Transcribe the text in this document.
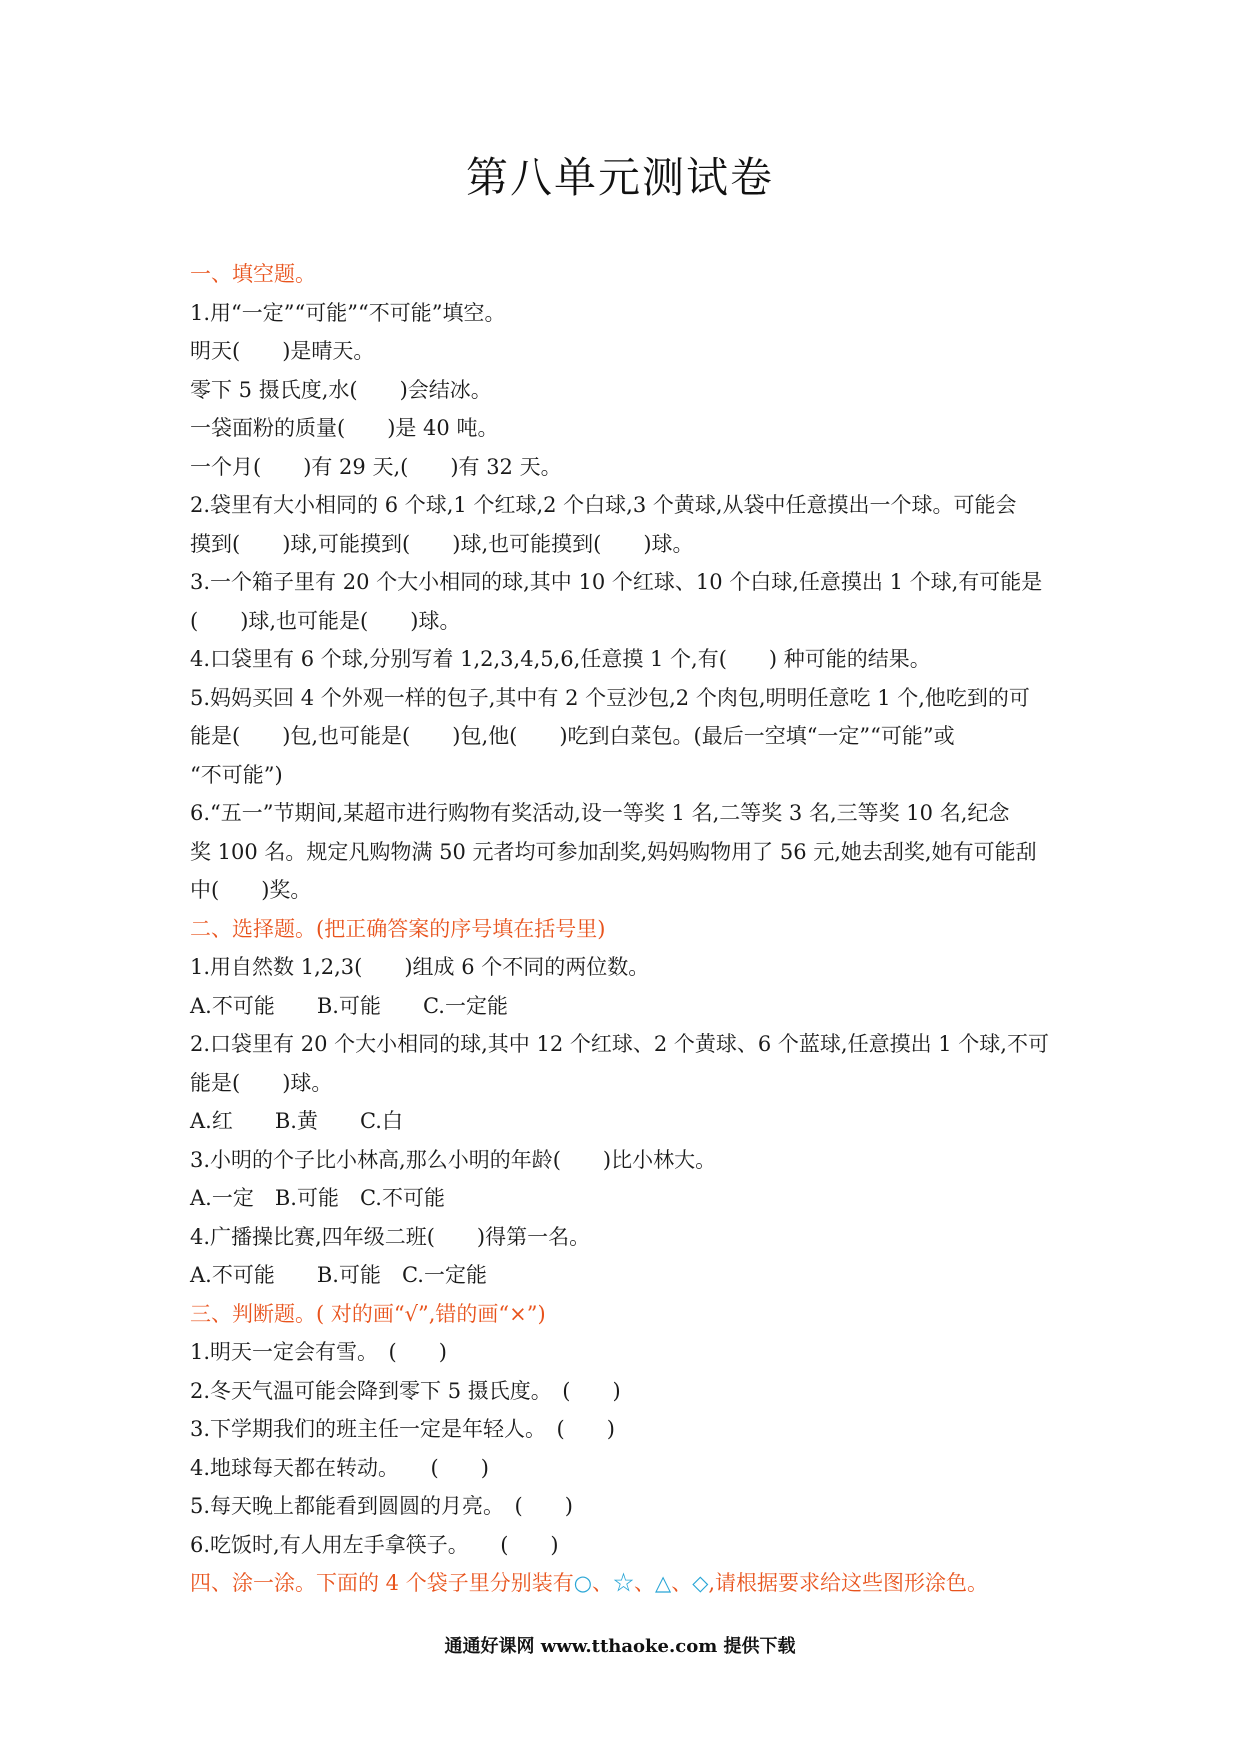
第八单元测试卷
一、填空题。
1.用“一定”“可能”“不可能”填空。
明天(　　)是晴天。
零下 5 摄氏度,水(　　)会结冰。
一袋面粉的质量(　　)是 40 吨。
一个月(　　)有 29 天,(　　)有 32 天。
2.袋里有大小相同的 6 个球,1 个红球,2 个白球,3 个黄球,从袋中任意摸出一个球。可能会
摸到(　　)球,可能摸到(　　)球,也可能摸到(　　)球。
3.一个箱子里有 20 个大小相同的球,其中 10 个红球、10 个白球,任意摸出 1 个球,有可能是
(　　)球,也可能是(　　)球。
4.口袋里有 6 个球,分别写着 1,2,3,4,5,6,任意摸 1 个,有(　　) 种可能的结果。
5.妈妈买回 4 个外观一样的包子,其中有 2 个豆沙包,2 个肉包,明明任意吃 1 个,他吃到的可
能是(　　)包,也可能是(　　)包,他(　　)吃到白菜包。(最后一空填“一定”“可能”或
“不可能”)
6.“五一”节期间,某超市进行购物有奖活动,设一等奖 1 名,二等奖 3 名,三等奖 10 名,纪念
奖 100 名。规定凡购物满 50 元者均可参加刮奖,妈妈购物用了 56 元,她去刮奖,她有可能刮
中(　　)奖。
二、选择题。(把正确答案的序号填在括号里)
1.用自然数 1,2,3(　　)组成 6 个不同的两位数。
A.不可能　　B.可能　　C.一定能
2.口袋里有 20 个大小相同的球,其中 12 个红球、2 个黄球、6 个蓝球,任意摸出 1 个球,不可
能是(　　)球。
A.红　　B.黄　　C.白
3.小明的个子比小林高,那么小明的年龄(　　)比小林大。
A.一定　B.可能　C.不可能
4.广播操比赛,四年级二班(　　)得第一名。
A.不可能　　B.可能　C.一定能
三、判断题。( 对的画“√”,错的画“×”)
1.明天一定会有雪。　(　　)
2.冬天气温可能会降到零下 5 摄氏度。　(　　)
3.下学期我们的班主任一定是年轻人。　(　　)
4.地球每天都在转动。　　(　　)
5.每天晚上都能看到圆圆的月亮。　(　　)
6.吃饭时,有人用左手拿筷子。　　(　　)
四、涂一涂。下面的 4 个袋子里分别装有○、☆、△、◇,请根据要求给这些图形涂色。
通通好课网 www.tthaoke.com 提供下载
